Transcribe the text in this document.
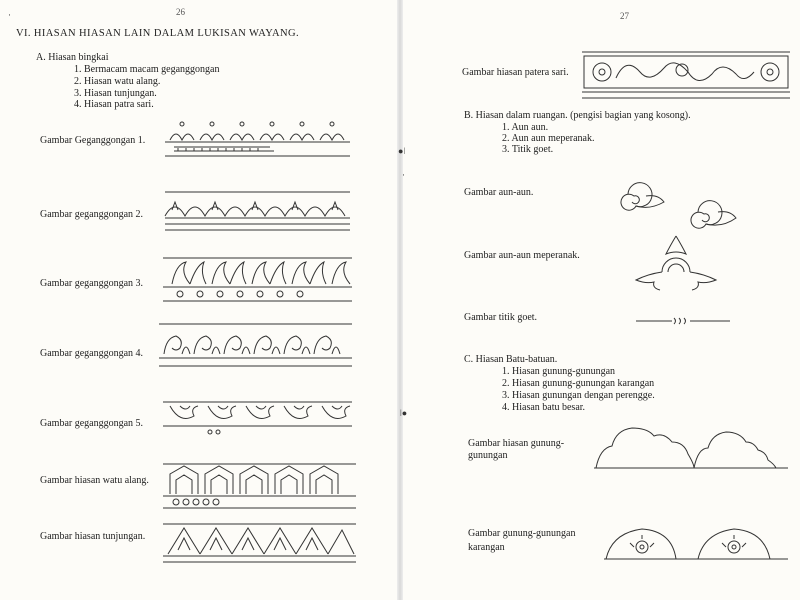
26
VI. HIASAN HIASAN LAIN DALAM LUKISAN WAYANG.
A. Hiasan bingkai
1. Bermacam macam geganggongan
2. Hiasan watu alang.
3. Hiasan tunjungan.
4. Hiasan patra sari.
Gambar Geganggongan 1.
Gambar geganggongan 2.
Gambar geganggongan 3.
Gambar geganggongan 4.
Gambar geganggongan 5.
Gambar hiasan watu alang.
Gambar hiasan tunjungan.
·	27
Gambar hiasan patera sari.
B. Hiasan dalam ruangan. (pengisi bagian yang kosong).
1. Aun aun.
2. Aun aun meperanak.
3. Titik goet.
Gambar aun-aun.
Gambar aun-aun meperanak.
Gambar titik goet.
C. Hiasan Batu-batuan.
1. Hiasan gunung-gunungan
2. Hiasan gunung-gunungan karangan
3. Hiasan gunungan dengan perengge.
4. Hiasan batu besar.
Gambar hiasan gunung-
gunungan
Gambar gunung-gunungan
karangan
●ǀ
·
ǀ●
